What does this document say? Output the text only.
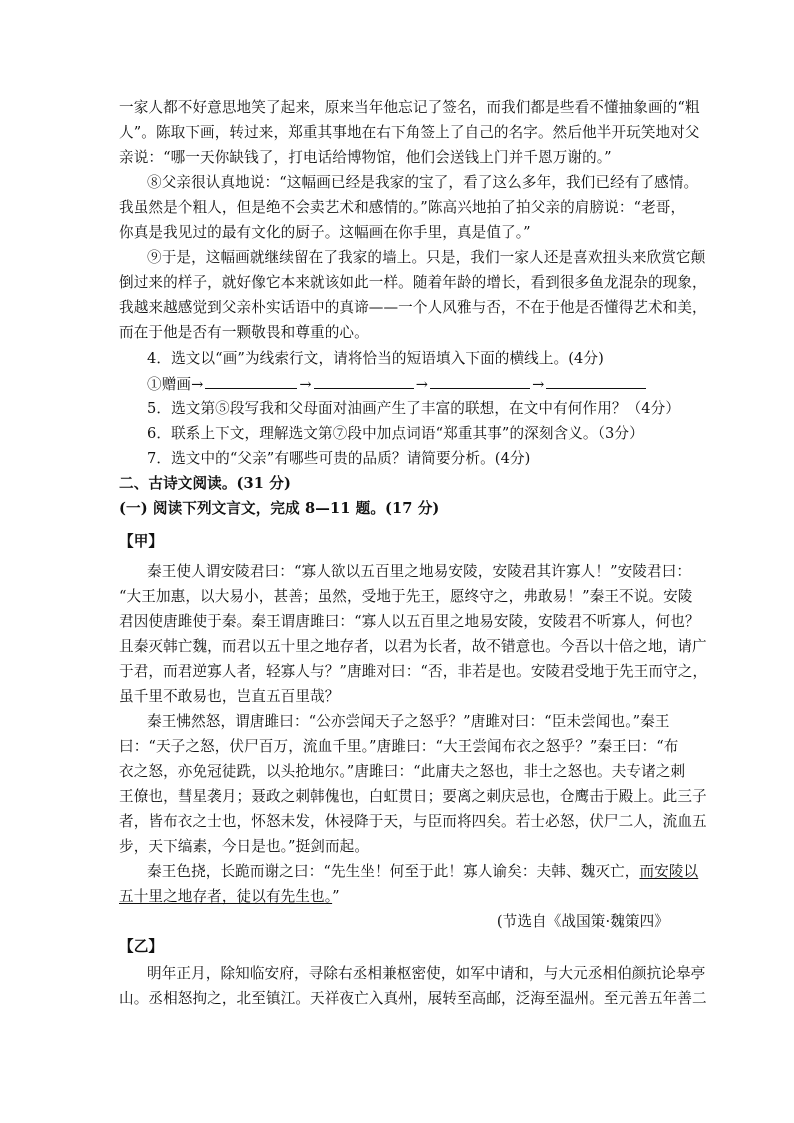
一家人都不好意思地笑了起来，原来当年他忘记了签名，而我们都是些看不懂抽象画的“粗
人”。陈取下画，转过来，郑重其事地在右下角签上了自己的名字。然后他半开玩笑地对父
亲说：“哪一天你缺钱了，打电话给博物馆，他们会送钱上门并千恩万谢的。”
⑧父亲很认真地说：“这幅画已经是我家的宝了，看了这么多年，我们已经有了感情。
我虽然是个粗人，但是绝不会卖艺术和感情的。”陈高兴地拍了拍父亲的肩膀说：“老哥，
你真是我见过的最有文化的厨子。这幅画在你手里，真是值了。”
⑨于是，这幅画就继续留在了我家的墙上。只是，我们一家人还是喜欢扭头来欣赏它颠
倒过来的样子，就好像它本来就该如此一样。随着年龄的增长，看到很多鱼龙混杂的现象，
我越来越感觉到父亲朴实话语中的真谛——一个人风雅与否，不在于他是否懂得艺术和美，
而在于他是否有一颗敬畏和尊重的心。
4．选文以“画”为线索行文，请将恰当的短语填入下面的横线上。(4分)
①赠画→	→	→	→
5．选文第⑤段写我和父母面对油画产生了丰富的联想，在文中有何作用？（4分）
6．联系上下文，理解选文第⑦段中加点词语“郑重其事”的深刻含义。（3分）
7．选文中的“父亲”有哪些可贵的品质？请简要分析。(4分)
二、古诗文阅读。(31 分)
(一) 阅读下列文言文，完成 8—11 题。(17 分)
【甲】
秦王使人谓安陵君曰：“寡人欲以五百里之地易安陵，安陵君其许寡人！”安陵君曰：
“大王加惠，以大易小，甚善；虽然，受地于先王，愿终守之，弗敢易！”秦王不说。安陵
君因使唐雎使于秦。秦王谓唐雎曰：“寡人以五百里之地易安陵，安陵君不听寡人，何也？
且秦灭韩亡魏，而君以五十里之地存者，以君为长者，故不错意也。今吾以十倍之地，请广
于君，而君逆寡人者，轻寡人与？”唐雎对曰：“否，非若是也。安陵君受地于先王而守之，
虽千里不敢易也，岂直五百里哉？
秦王怫然怒，谓唐雎曰：“公亦尝闻天子之怒乎？”唐雎对曰：“臣未尝闻也。”秦王
曰：“天子之怒，伏尸百万，流血千里。”唐雎曰：“大王尝闻布衣之怒乎？”秦王曰：“布
衣之怒，亦免冠徒跣，以头抢地尔。”唐雎曰：“此庸夫之怒也，非士之怒也。夫专诸之刺
王僚也，彗星袭月；聂政之刺韩傀也，白虹贯日；要离之刺庆忌也，仓鹰击于殿上。此三子
者，皆布衣之士也，怀怒未发，休祲降于天，与臣而将四矣。若士必怒，伏尸二人，流血五
步，天下缟素，今日是也。”挺剑而起。
秦王色挠，长跪而谢之曰：“先生坐！何至于此！寡人谕矣：夫韩、魏灭亡，而安陵以
五十里之地存者，徒以有先生也。”
(节选自《战国策·魏策四》
【乙】
明年正月，除知临安府，寻除右丞相兼枢密使，如军中请和，与大元丞相伯颜抗论皋亭
山。丞相怒拘之，北至镇江。天祥夜亡入真州，展转至高邮，泛海至温州。至元善五年善二
